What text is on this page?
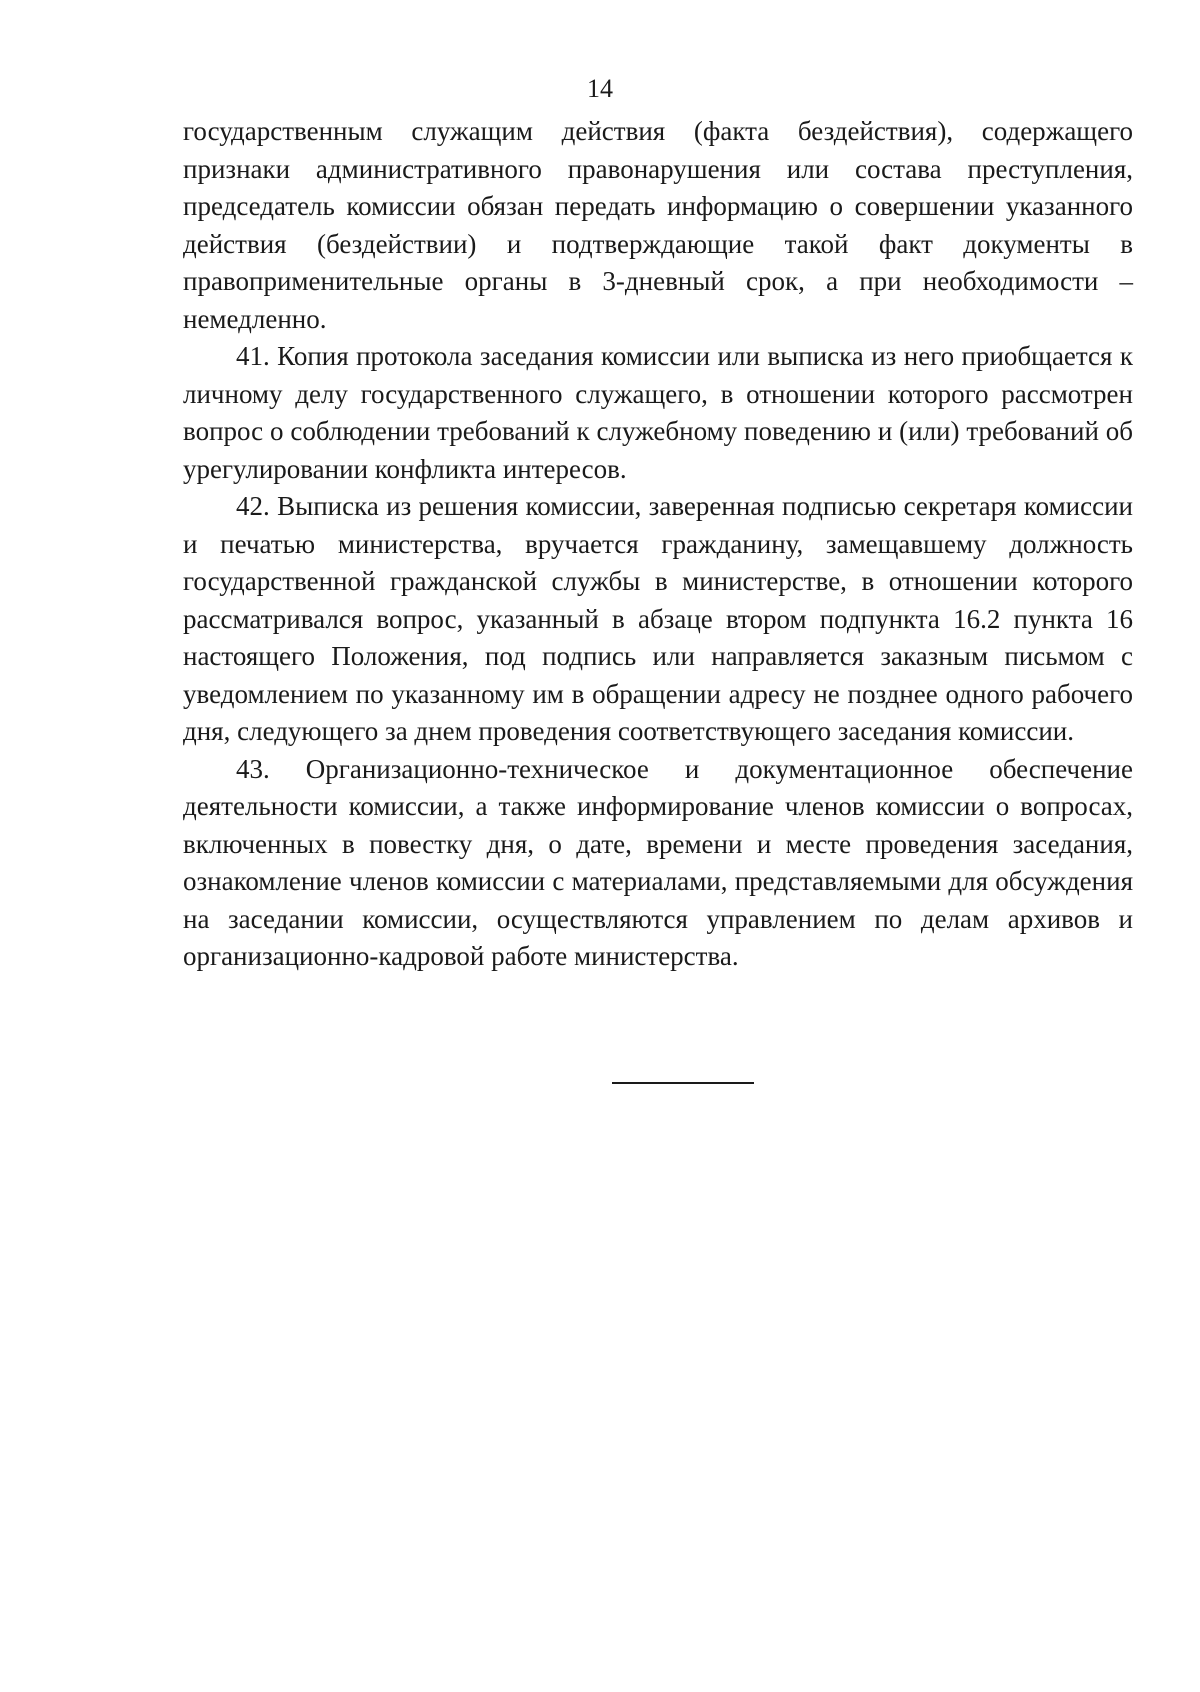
14

государственным служащим действия (факта бездействия), содержащего признаки административного правонарушения или состава преступления, председатель комиссии обязан передать информацию о совершении указанного действия (бездействии) и подтверждающие такой факт документы в правоприменительные органы в 3-дневный срок, а при необходимости – немедленно.

41. Копия протокола заседания комиссии или выписка из него приобщается к личному делу государственного служащего, в отношении которого рассмотрен вопрос о соблюдении требований к служебному поведению и (или) требований об урегулировании конфликта интересов.

42. Выписка из решения комиссии, заверенная подписью секретаря комиссии и печатью министерства, вручается гражданину, замещавшему должность государственной гражданской службы в министерстве, в отношении которого рассматривался вопрос, указанный в абзаце втором подпункта 16.2 пункта 16 настоящего Положения, под подпись или направляется заказным письмом с уведомлением по указанному им в обращении адресу не позднее одного рабочего дня, следующего за днем проведения соответствующего заседания комиссии.

43. Организационно-техническое и документационное обеспечение деятельности комиссии, а также информирование членов комиссии о вопросах, включенных в повестку дня, о дате, времени и месте проведения заседания, ознакомление членов комиссии с материалами, представляемыми для обсуждения на заседании комиссии, осуществляются управлением по делам архивов и организационно-кадровой работе министерства.
